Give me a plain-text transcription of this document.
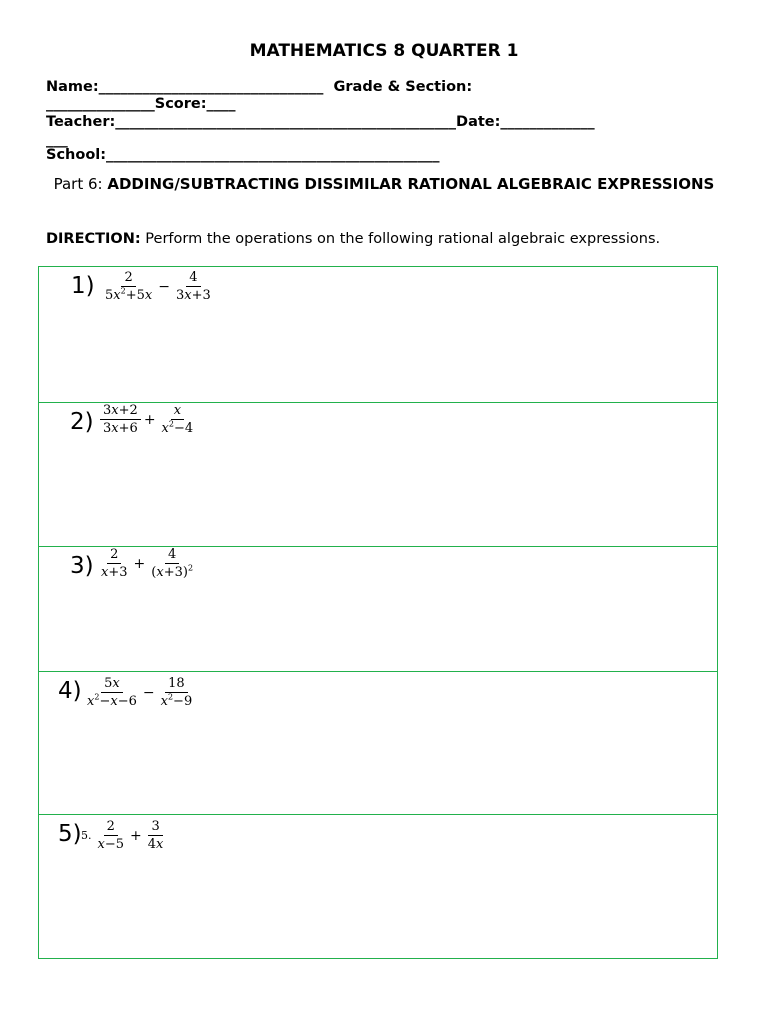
MATHEMATICS 8 QUARTER 1
Name:_______________________________  Grade & Section:
_______________Score:____
Teacher:_______________________________________________Date:_____________
___
School:______________________________________________
Part 6: ADDING/SUBTRACTING DISSIMILAR RATIONAL ALGEBRAIC EXPRESSIONS
DIRECTION: Perform the operations on the following rational algebraic expressions.
$1) \frac{2}{5x^2+5x} - \frac{4}{3x+3}$
$2) \frac{3x+2}{3x+6} + \frac{x}{x^2-4}$
$3) \frac{2}{x+3} + \frac{4}{(x+3)^2}$
$4) \frac{5x}{x^2-x-6} - \frac{18}{x^2-9}$
5) 5. $\frac{2}{x-5} + \frac{3}{4x}$
